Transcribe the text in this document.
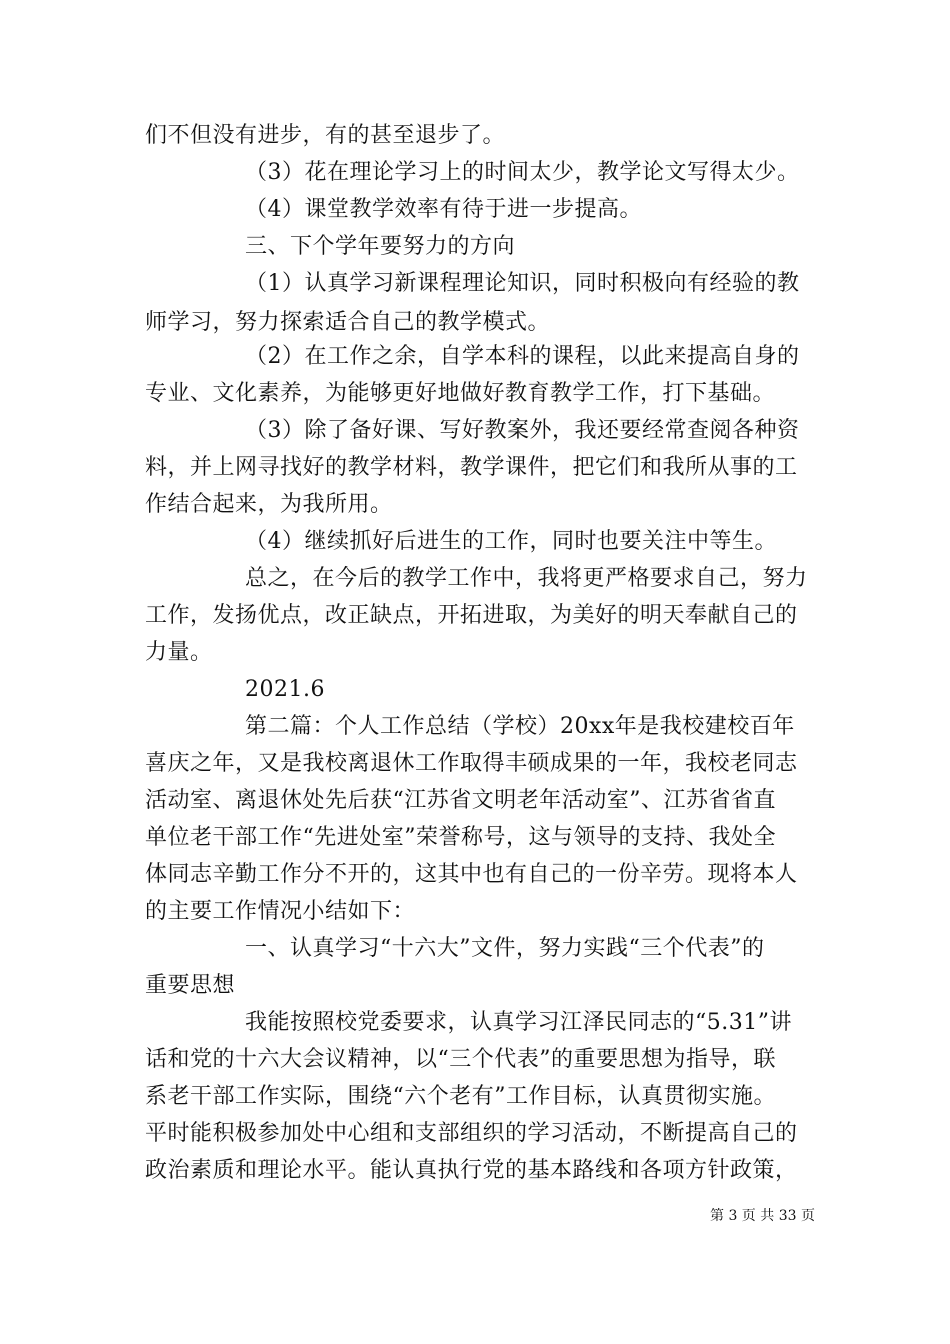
们不但没有进步，有的甚至退步了。
（3）花在理论学习上的时间太少，教学论文写得太少。
（4）课堂教学效率有待于进一步提高。
三、下个学年要努力的方向
（1）认真学习新课程理论知识，同时积极向有经验的教
师学习，努力探索适合自己的教学模式。
（2）在工作之余，自学本科的课程，以此来提高自身的
专业、文化素养，为能够更好地做好教育教学工作，打下基础。
（3）除了备好课、写好教案外，我还要经常查阅各种资
料，并上网寻找好的教学材料，教学课件，把它们和我所从事的工
作结合起来，为我所用。
（4）继续抓好后进生的工作，同时也要关注中等生。
总之，在今后的教学工作中，我将更严格要求自己，努力
工作，发扬优点，改正缺点，开拓进取，为美好的明天奉献自己的
力量。
2021.6
第二篇：个人工作总结（学校）20xx年是我校建校百年
喜庆之年，又是我校离退休工作取得丰硕成果的一年，我校老同志
活动室、离退休处先后获“江苏省文明老年活动室”、江苏省省直
单位老干部工作“先进处室”荣誉称号，这与领导的支持、我处全
体同志辛勤工作分不开的，这其中也有自己的一份辛劳。现将本人
的主要工作情况小结如下：
一、认真学习“十六大”文件，努力实践“三个代表”的
重要思想
我能按照校党委要求，认真学习江泽民同志的“5.31”讲
话和党的十六大会议精神，以“三个代表”的重要思想为指导，联
系老干部工作实际，围绕“六个老有”工作目标，认真贯彻实施。
平时能积极参加处中心组和支部组织的学习活动，不断提高自己的
政治素质和理论水平。能认真执行党的基本路线和各项方针政策，
第 3 页 共 33 页
